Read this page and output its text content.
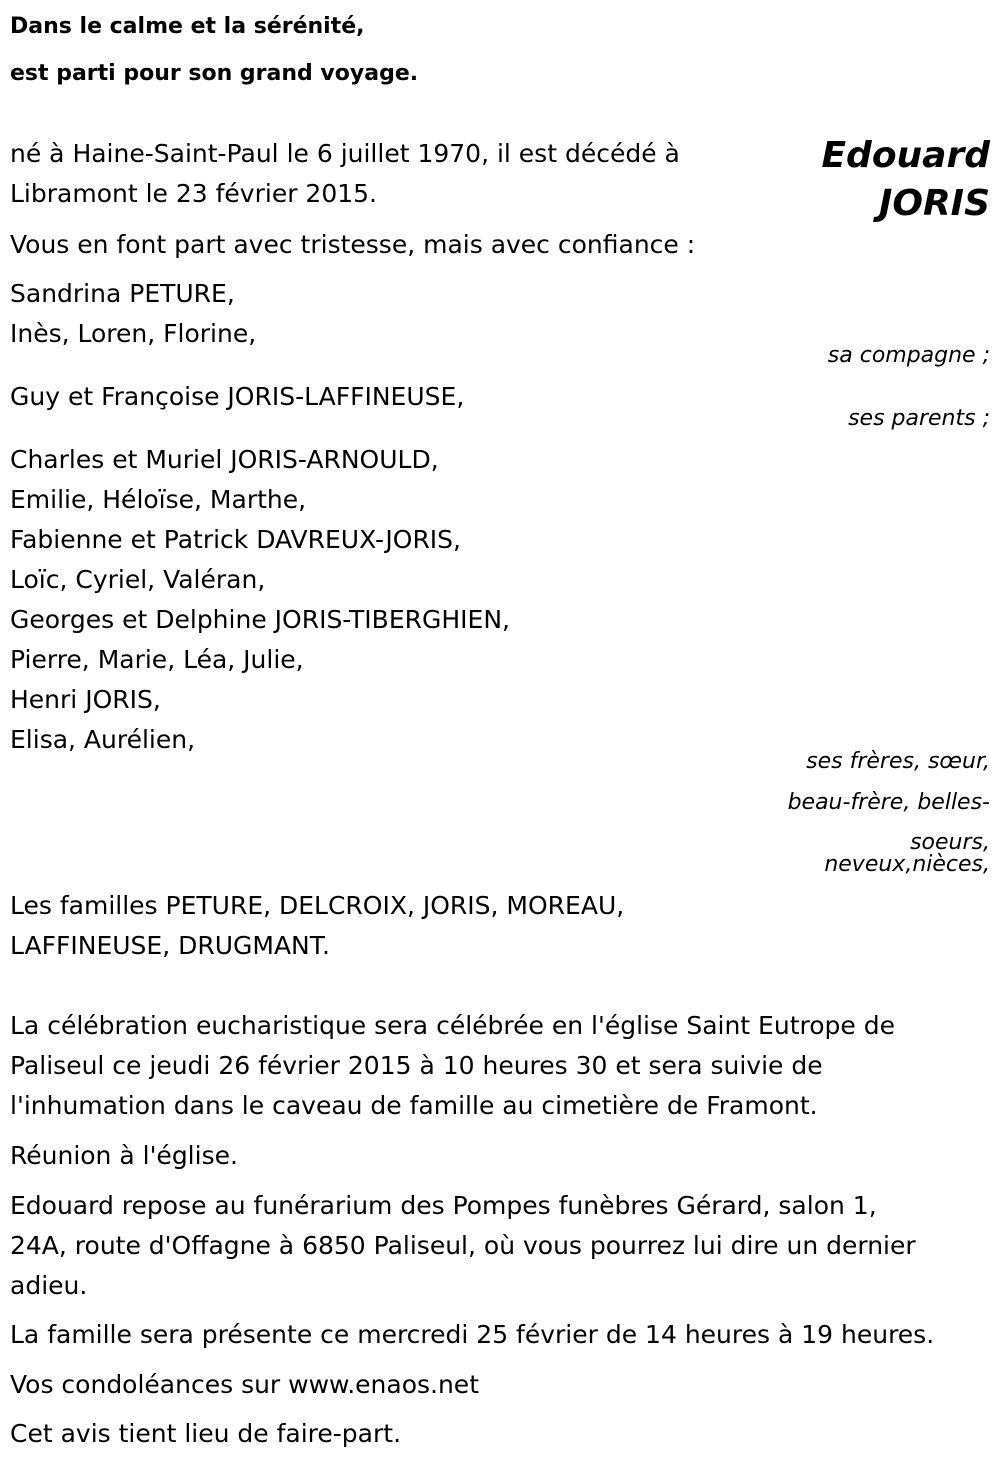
Dans le calme et la sérénité,

est parti pour son grand voyage.

Edouard

JORIS

né à Haine-Saint-Paul le 6 juillet 1970, il est décédé à

Libramont le 23 février 2015.

Vous en font part avec tristesse, mais avec confiance :

Sandrina PETURE,

Inès, Loren, Florine,

sa compagne ;

Guy et Françoise JORIS-LAFFINEUSE,

ses parents ;

Charles et Muriel JORIS-ARNOULD,

Emilie, Héloïse, Marthe,

Fabienne et Patrick DAVREUX-JORIS,

Loïc, Cyriel, Valéran,

Georges et Delphine JORIS-TIBERGHIEN,

Pierre, Marie, Léa, Julie,

Henri JORIS,

Elisa, Aurélien,

ses frères, sœur,

beau-frère, belles-

soeurs,

neveux,nièces,

Les familles PETURE, DELCROIX, JORIS, MOREAU,

LAFFINEUSE, DRUGMANT.

La célébration eucharistique sera célébrée en l'église Saint Eutrope de

Paliseul ce jeudi 26 février 2015 à 10 heures 30 et sera suivie de

l'inhumation dans le caveau de famille au cimetière de Framont.

Réunion à l'église.

Edouard repose au funérarium des Pompes funèbres Gérard, salon 1,

24A, route d'Offagne à 6850 Paliseul, où vous pourrez lui dire un dernier

adieu.

La famille sera présente ce mercredi 25 février de 14 heures à 19 heures.

Vos condoléances sur www.enaos.net

Cet avis tient lieu de faire-part.
